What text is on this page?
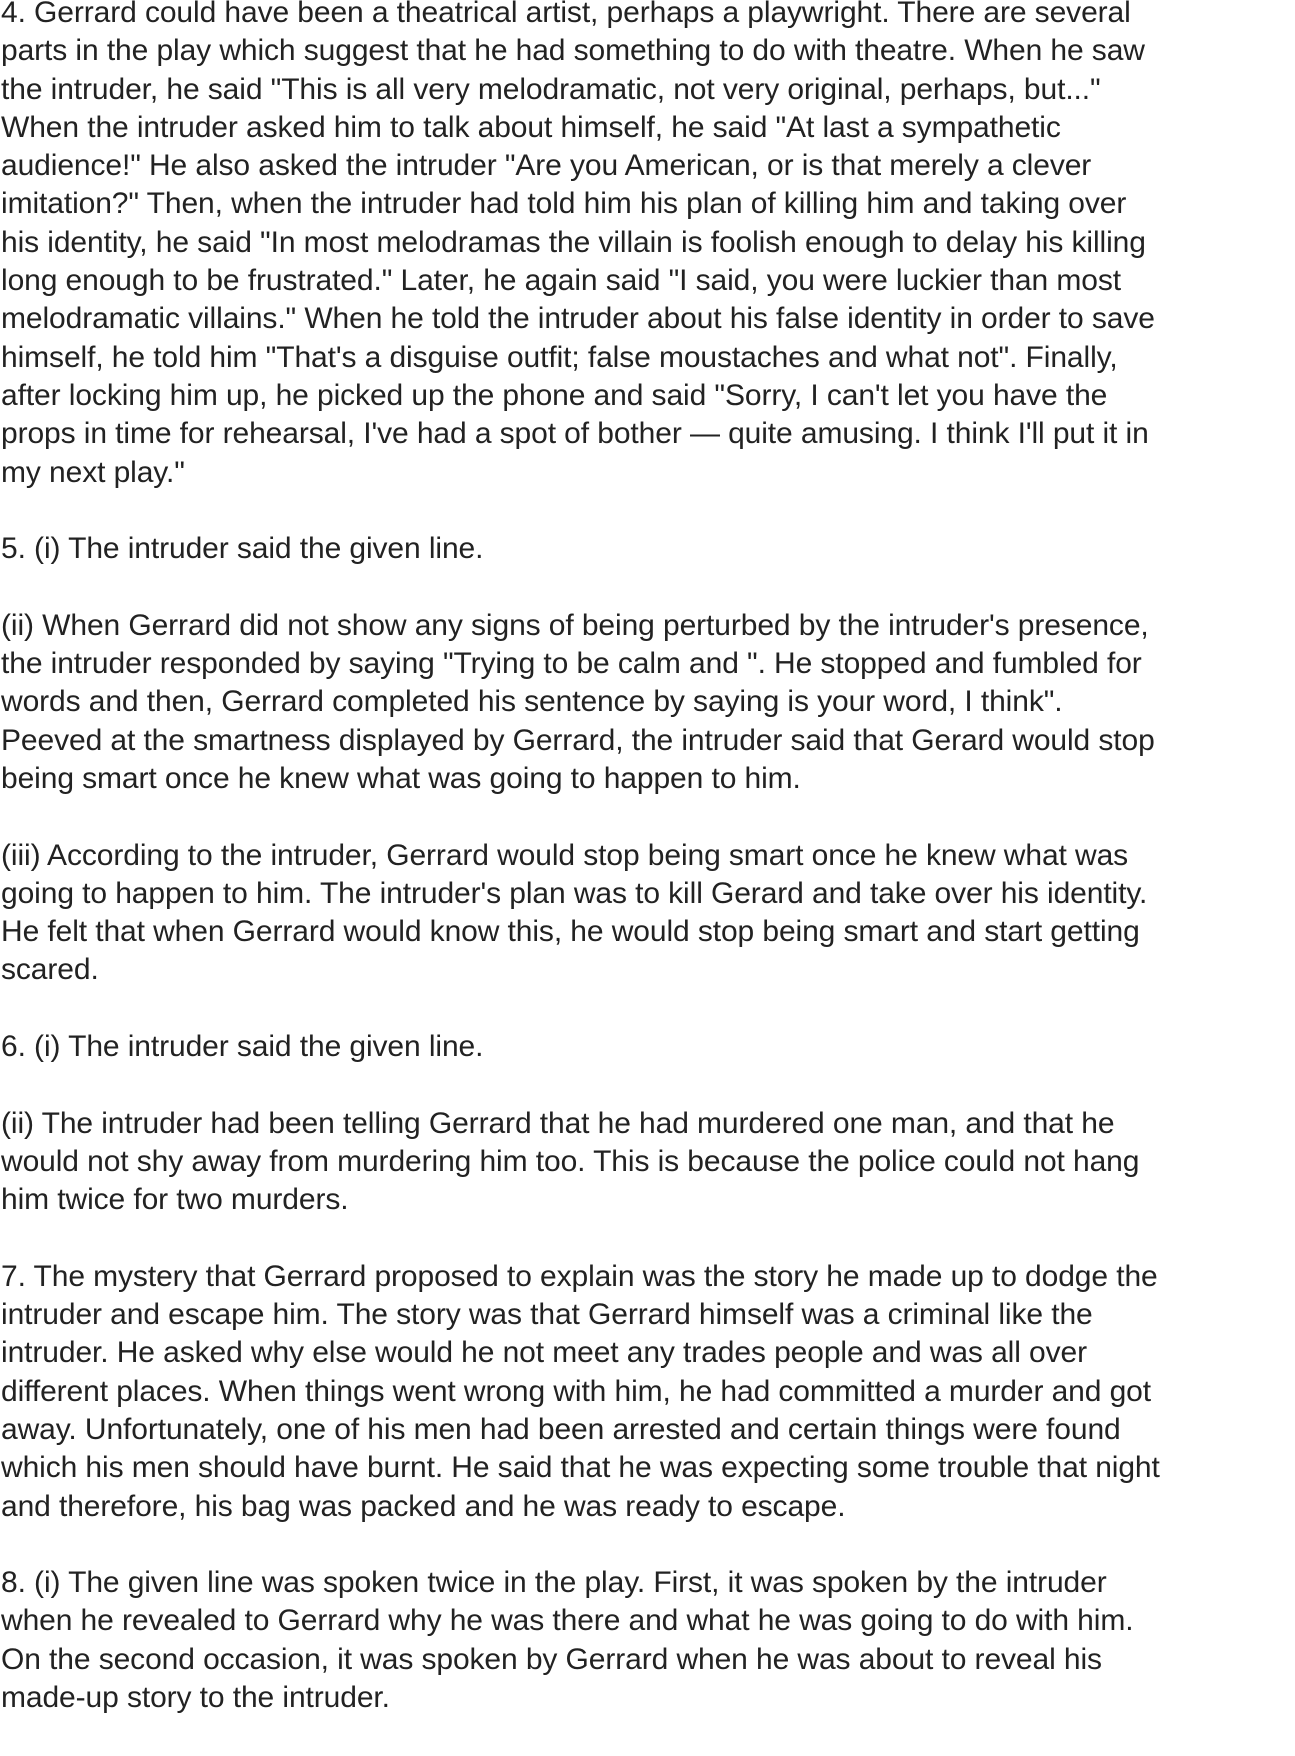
4. Gerrard could have been a theatrical artist, perhaps a playwright. There are several
parts in the play which suggest that he had something to do with theatre. When he saw
the intruder, he said "This is all very melodramatic, not very original, perhaps, but..."
When the intruder asked him to talk about himself, he said "At last a sympathetic
audience!" He also asked the intruder "Are you American, or is that merely a clever
imitation?" Then, when the intruder had told him his plan of killing him and taking over
his identity, he said "In most melodramas the villain is foolish enough to delay his killing
long enough to be frustrated." Later, he again said "I said, you were luckier than most
melodramatic villains." When he told the intruder about his false identity in order to save
himself, he told him "That's a disguise outfit; false moustaches and what not". Finally,
after locking him up, he picked up the phone and said "Sorry, I can't let you have the
props in time for rehearsal, I've had a spot of bother — quite amusing. I think I'll put it in
my next play."

5. (i) The intruder said the given line.

(ii) When Gerrard did not show any signs of being perturbed by the intruder's presence,
the intruder responded by saying "Trying to be calm and ". He stopped and fumbled for
words and then, Gerrard completed his sentence by saying is your word, I think".
Peeved at the smartness displayed by Gerrard, the intruder said that Gerard would stop
being smart once he knew what was going to happen to him.

(iii) According to the intruder, Gerrard would stop being smart once he knew what was
going to happen to him. The intruder's plan was to kill Gerard and take over his identity.
He felt that when Gerrard would know this, he would stop being smart and start getting
scared.

6. (i) The intruder said the given line.

(ii) The intruder had been telling Gerrard that he had murdered one man, and that he
would not shy away from murdering him too. This is because the police could not hang
him twice for two murders.

7. The mystery that Gerrard proposed to explain was the story he made up to dodge the
intruder and escape him. The story was that Gerrard himself was a criminal like the
intruder. He asked why else would he not meet any trades people and was all over
different places. When things went wrong with him, he had committed a murder and got
away. Unfortunately, one of his men had been arrested and certain things were found
which his men should have burnt. He said that he was expecting some trouble that night
and therefore, his bag was packed and he was ready to escape.

8. (i) The given line was spoken twice in the play. First, it was spoken by the intruder
when he revealed to Gerrard why he was there and what he was going to do with him.
On the second occasion, it was spoken by Gerrard when he was about to reveal his
made-up story to the intruder.
